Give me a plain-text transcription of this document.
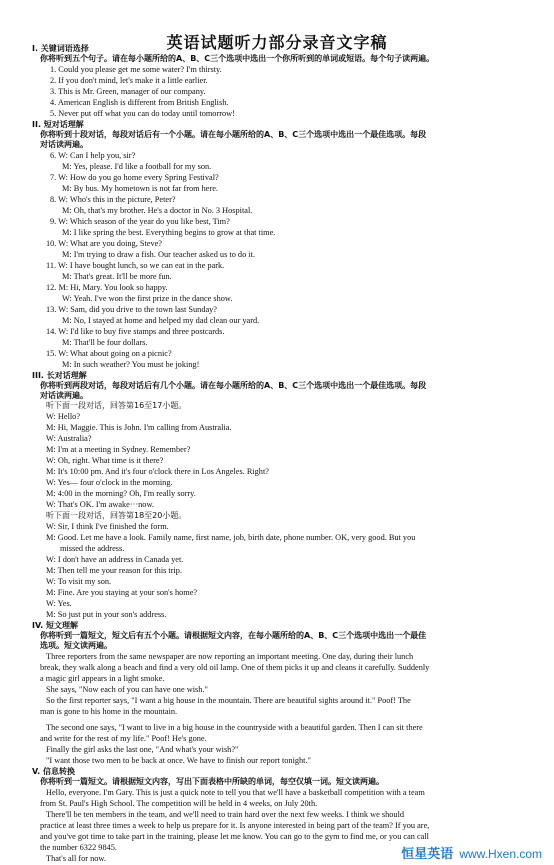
英语试题听力部分录音文字稿
I. 关键词语选择
你将听到五个句子。请在每小题所给的A、B、C三个选项中选出一个你所听到的单词或短语。每个句子读两遍。
1. Could you please get me some water? I'm thirsty.
2. If you don't mind, let's make it a little earlier.
3. This is Mr. Green, manager of our company.
4. American English is different from British English.
5. Never put off what you can do today until tomorrow!
II. 短对话理解
你将听到十段对话，每段对话后有一个小题。请在每小题所给的A、B、C三个选项中选出一个最佳选项。每段
对话读两遍。
6. W: Can I help you, sir?
M: Yes, please. I'd like a football for my son.
7. W: How do you go home every Spring Festival?
M: By bus. My hometown is not far from here.
8. W: Who's this in the picture, Peter?
M: Oh, that's my brother. He's a doctor in No. 3 Hospital.
9. W: Which season of the year do you like best, Tim?
M: I like spring the best. Everything begins to grow at that time.
10. W: What are you doing, Steve?
M: I'm trying to draw a fish. Our teacher asked us to do it.
11. W: I have bought lunch, so we can eat in the park.
M: That's great. It'll be more fun.
12. M: Hi, Mary. You look so happy.
W: Yeah. I've won the first prize in the dance show.
13. W: Sam, did you drive to the town last Sunday?
M: No, I stayed at home and helped my dad clean our yard.
14. W: I'd like to buy five stamps and three postcards.
M: That'll be four dollars.
15. W: What about going on a picnic?
M: In such weather? You must be joking!
III. 长对话理解
你将听到两段对话，每段对话后有几个小题。请在每小题所给的A、B、C三个选项中选出一个最佳选项。每段
对话读两遍。
听下面一段对话，回答第16至17小题。
W: Hello?
M: Hi, Maggie. This is John. I'm calling from Australia.
W: Australia?
M: I'm at a meeting in Sydney. Remember?
W: Oh, right. What time is it there?
M: It's 10:00 pm. And it's four o'clock there in Los Angeles. Right?
W: Yes— four o'clock in the morning.
M: 4:00 in the morning? Oh, I'm really sorry.
W: That's OK. I'm awake···now.
听下面一段对话，回答第18至20小题。
W: Sir, I think I've finished the form.
M: Good. Let me have a look. Family name, first name, job, birth date, phone number. OK, very good. But you
missed the address.
W: I don't have an address in Canada yet.
M: Then tell me your reason for this trip.
W: To visit my son.
M: Fine. Are you staying at your son's home?
W: Yes.
M: So just put in your son's address.
IV. 短文理解
你将听到一篇短文，短文后有五个小题。请根据短文内容，在每小题所给的A、B、C三个选项中选出一个最佳
选项。短文读两遍。
Three reporters from the same newspaper are now reporting an important meeting. One day, during their lunch
break, they walk along a beach and find a very old oil lamp. One of them picks it up and cleans it carefully. Suddenly
a magic girl appears in a light smoke.
She says, "Now each of you can have one wish."
So the first reporter says, "I want a big house in the mountain. There are beautiful sights around it." Poof! The
man is gone to his home in the mountain.
The second one says, "I want to live in a big house in the countryside with a beautiful garden. Then I can sit there
and write for the rest of my life." Poof! He's gone.
Finally the girl asks the last one, "And what's your wish?"
"I want those two men to be back at once. We have to finish our report tonight."
V. 信息转换
你将听到一篇短文。请根据短文内容，写出下面表格中所缺的单词，每空仅填一词。短文读两遍。
Hello, everyone. I'm Gary. This is just a quick note to tell you that we'll have a basketball competition with a team
from St. Paul's High School. The competition will be held in 4 weeks, on July 20th.
There'll be ten members in the team, and we'll need to train hard over the next few weeks. I think we should
practice at least three times a week to help us prepare for it. Is anyone interested in being part of the team? If you are,
and you've got time to take part in the training, please let me know. You can go to the gym to find me, or you can call
the number 6322 9845.
That's all for now.	恒星英语 www.Hxen.com
